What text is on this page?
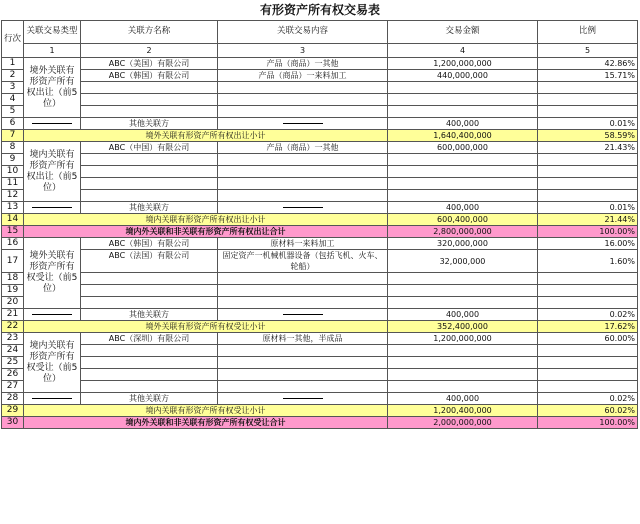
有形资产所有权交易表
行次	关联交易类型	关联方名称	关联交易内容	交易金额	比例
	1	2	3	4	5
1	境外关联有形资产所有权出让（前5位）	ABC（美国）有限公司	产品（商品）一其他	1,200,000,000	42.86%
2		ABC（韩国）有限公司	产品（商品）一来料加工	440,000,000	15.71%
3					
4					
5					
6		其他关联方		400,000	0.01%
7	境外关联有形资产所有权出让小计			1,640,400,000	58.59%
8	境内关联有形资产所有权出让（前5位）	ABC（中国）有限公司	产品（商品）一其他	600,000,000	21.43%
9					
10					
11					
12					
13		其他关联方		400,000	0.01%
14	境内关联有形资产所有权出让小计			600,400,000	21.44%
15	境内外关联和非关联有形资产所有权出让合计			2,800,000,000	100.00%
16	境外关联有形资产所有权受让（前5位）	ABC（韩国）有限公司	原材料一来料加工	320,000,000	16.00%
17		ABC（法国）有限公司	固定资产一机械机器设备（包括飞机、火车、轮船）	32,000,000	1.60%
18					
19					
20					
21		其他关联方		400,000	0.02%
22	境外关联有形资产所有权受让小计			352,400,000	17.62%
23	境内关联有形资产所有权受让（前5位）	ABC（深圳）有限公司	原材料一其他，半成品	1,200,000,000	60.00%
24					
25					
26					
27					
28		其他关联方		400,000	0.02%
29	境内关联有形资产所有权受让小计			1,200,400,000	60.02%
30	境内外关联和非关联有形资产所有权受让合计			2,000,000,000	100.00%
